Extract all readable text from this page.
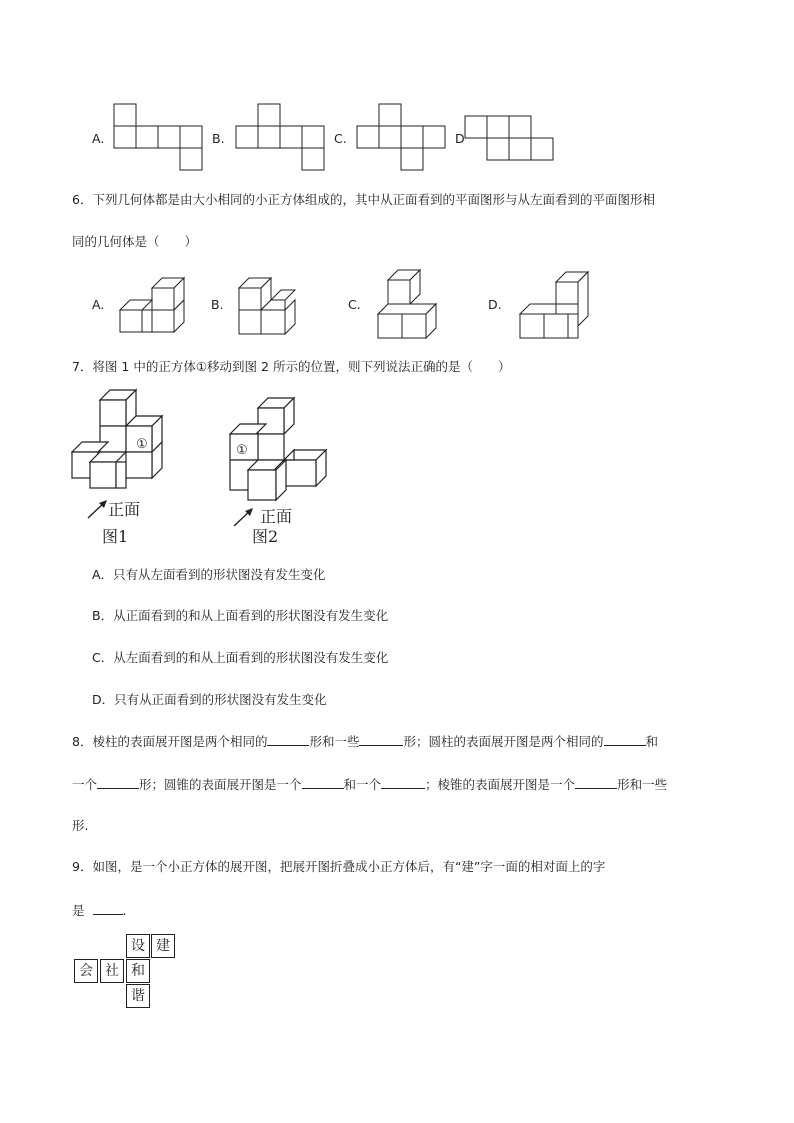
A.	B.	C.	D
6．下列几何体都是由大小相同的小正方体组成的，其中从正面看到的平面图形与从左面看到的平面图形相
同的几何体是（　　）
A.	B.	C.	D.
7．将图 1 中的正方体①移动到图 2 所示的位置，则下列说法正确的是（　　）
①
正面
图1
①
正面
图2
A．只有从左面看到的形状图没有发生变化
B．从正面看到的和从上面看到的形状图没有发生变化
C．从左面看到的和从上面看到的形状图没有发生变化
D．只有从正面看到的形状图没有发生变化
8．棱柱的表面展开图是两个相同的	形和一些	形；圆柱的表面展开图是两个相同的	和
一个	形；圆锥的表面展开图是一个	和一个	；棱锥的表面展开图是一个	形和一些
形.
9．如图，是一个小正方体的展开图，把展开图折叠成小正方体后，有“建”字一面的相对面上的字
是	.
设 建
会 社 和
谐
